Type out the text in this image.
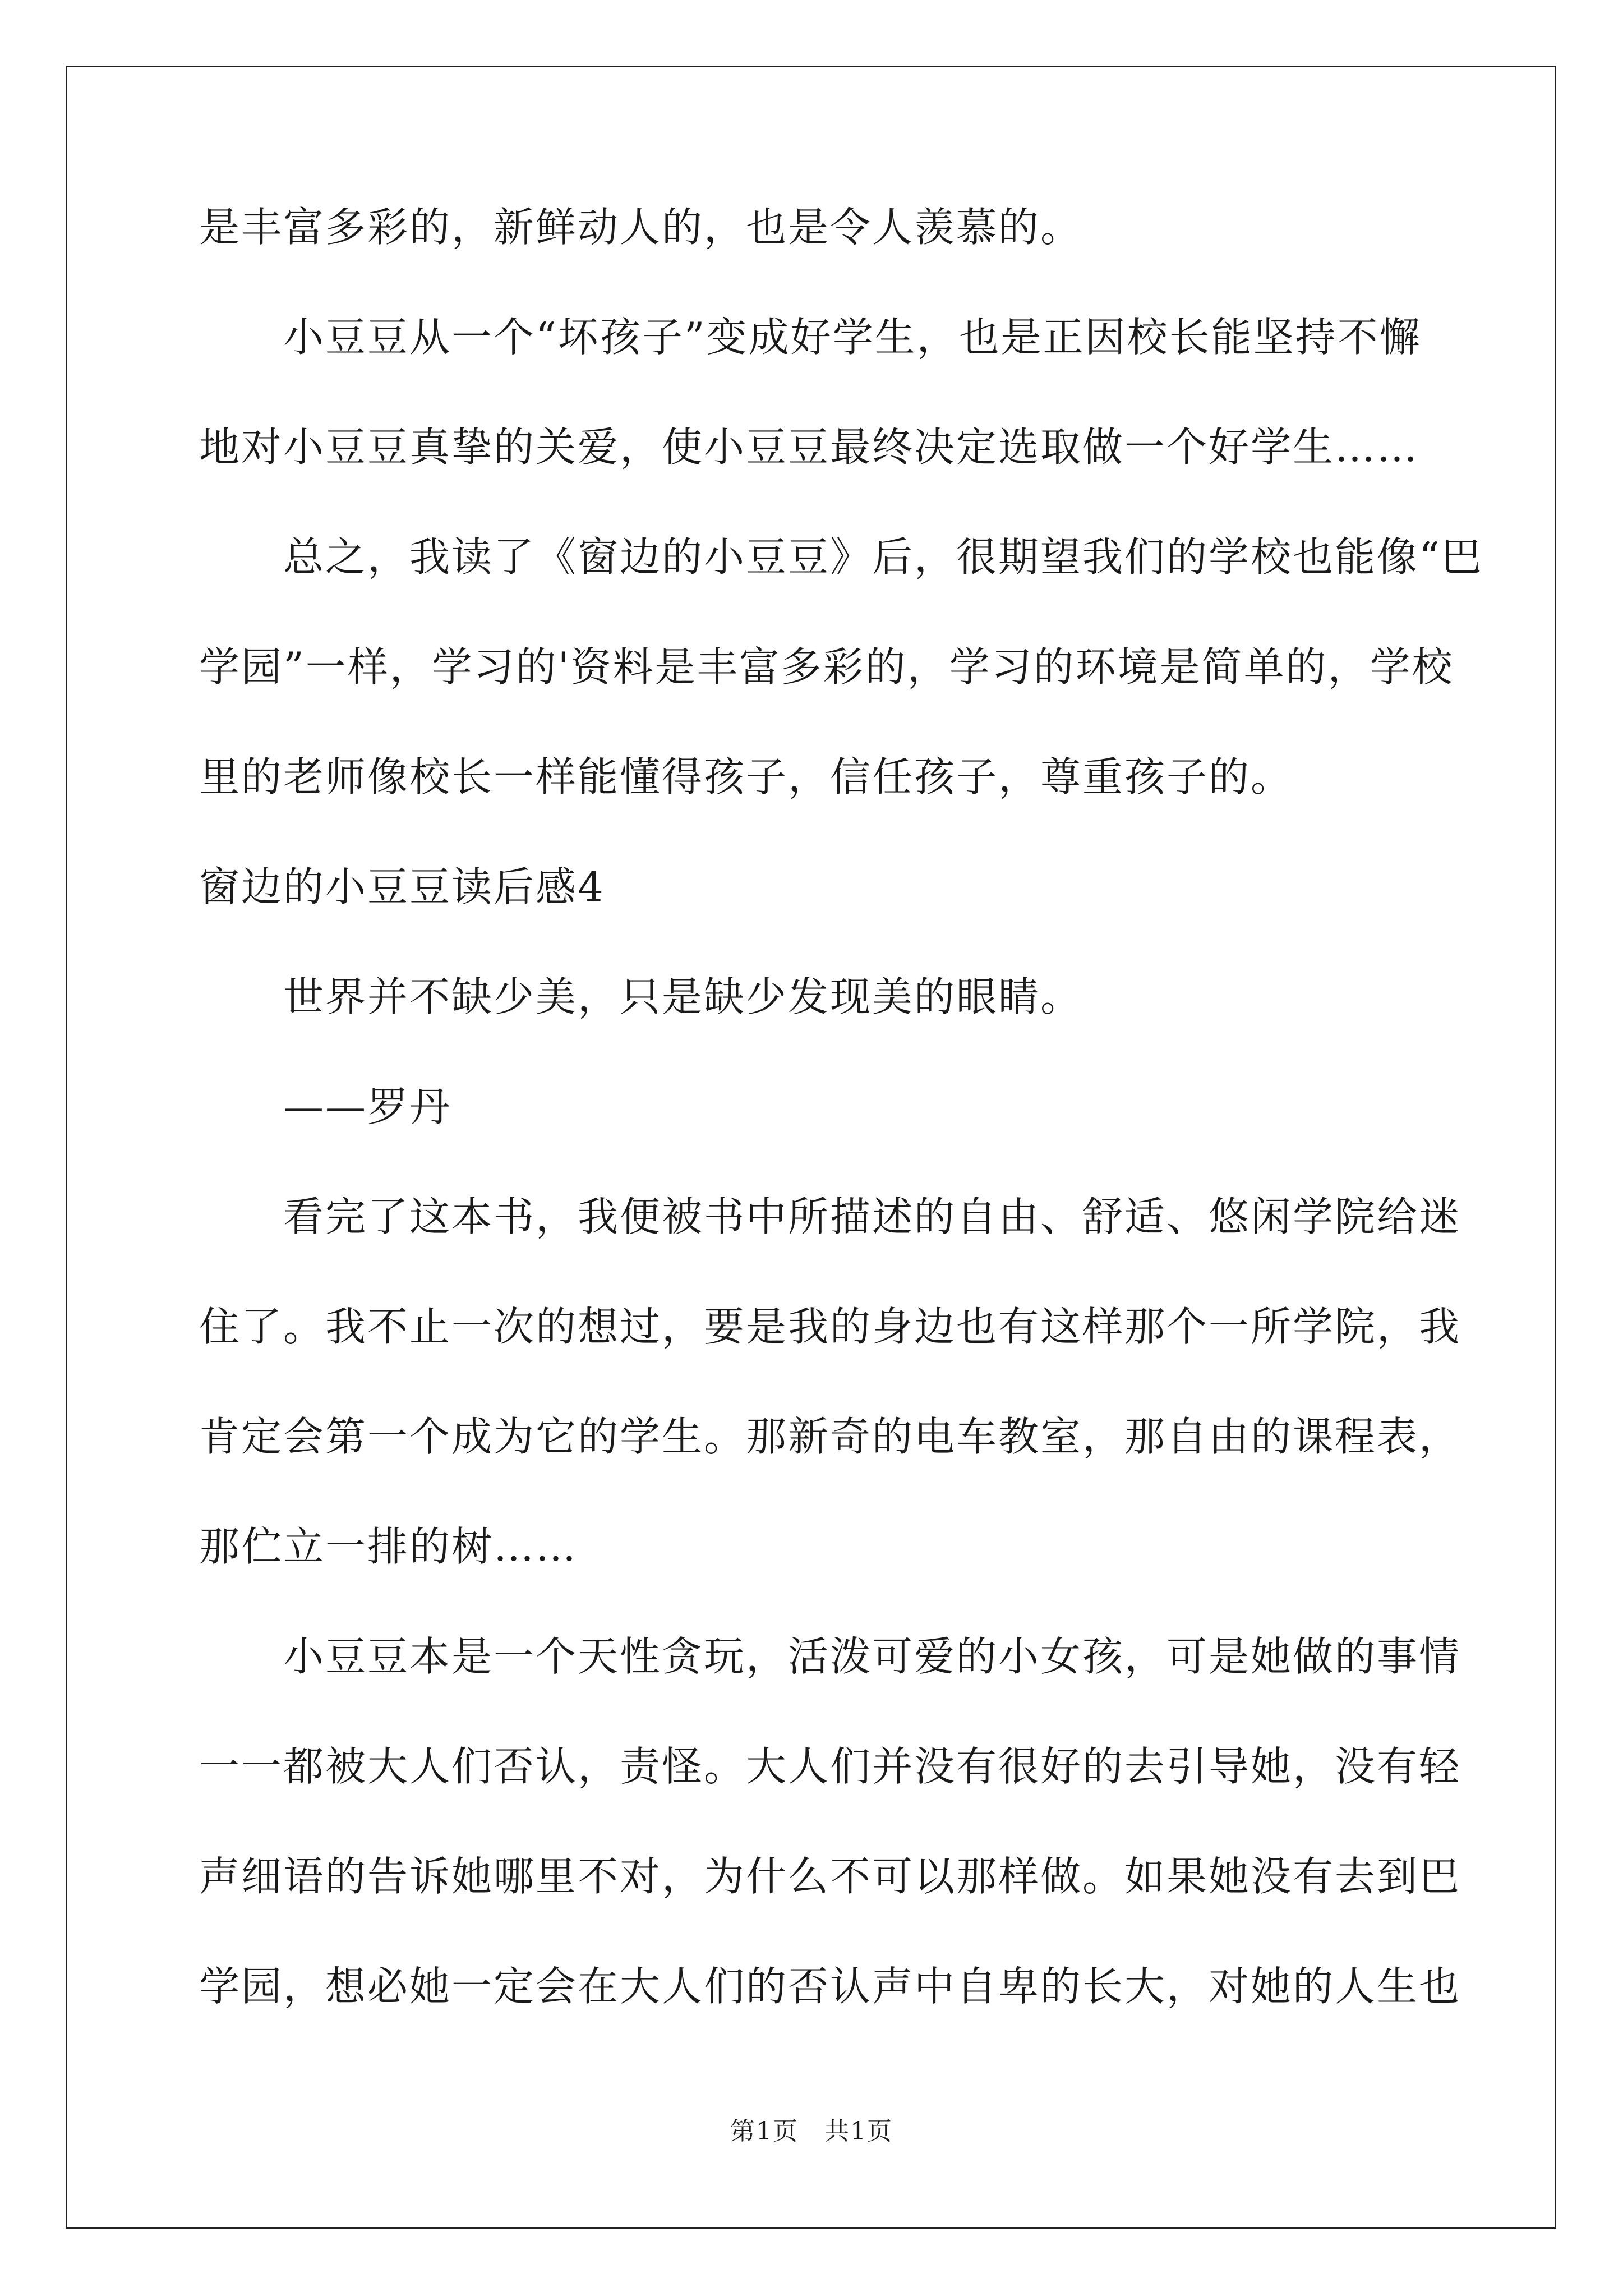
是丰富多彩的，新鲜动人的，也是令人羡慕的。
小豆豆从一个“坏孩子”变成好学生，也是正因校长能坚持不懈
地对小豆豆真挚的关爱，使小豆豆最终决定选取做一个好学生……
总之，我读了《窗边的小豆豆》后，很期望我们的学校也能像“巴
学园”一样，学习的'资料是丰富多彩的，学习的环境是简单的，学校
里的老师像校长一样能懂得孩子，信任孩子，尊重孩子的。
窗边的小豆豆读后感4
世界并不缺少美，只是缺少发现美的眼睛。
——罗丹
看完了这本书，我便被书中所描述的自由、舒适、悠闲学院给迷
住了。我不止一次的想过，要是我的身边也有这样那个一所学院，我
肯定会第一个成为它的学生。那新奇的电车教室，那自由的课程表，
那伫立一排的树……
小豆豆本是一个天性贪玩，活泼可爱的小女孩，可是她做的事情
一一都被大人们否认，责怪。大人们并没有很好的去引导她，没有轻
声细语的告诉她哪里不对，为什么不可以那样做。如果她没有去到巴
学园，想必她一定会在大人们的否认声中自卑的长大，对她的人生也
第1页　共1页
